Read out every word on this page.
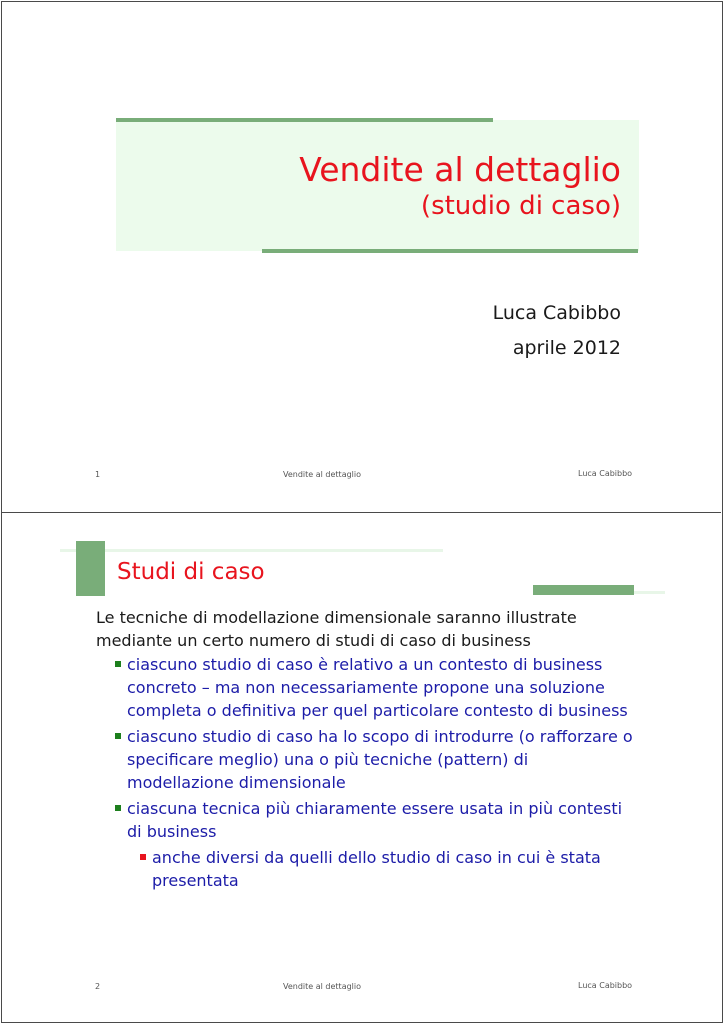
Vendite al dettaglio
(studio di caso)
Luca Cabibbo
aprile 2012
1	Vendite al dettaglio	Luca Cabibbo
Studi di caso

Le tecniche di modellazione dimensionale saranno illustrate mediante un certo numero di studi di caso di business

ciascuno studio di caso è relativo a un contesto di business concreto – ma non necessariamente propone una soluzione completa o definitiva per quel particolare contesto di business
ciascuno studio di caso ha lo scopo di introdurre (o rafforzare o specificare meglio) una o più tecniche (pattern) di modellazione dimensionale
ciascuna tecnica più chiaramente essere usata in più contesti di business
anche diversi da quelli dello studio di caso in cui è stata presentata
2	Vendite al dettaglio	Luca Cabibbo
